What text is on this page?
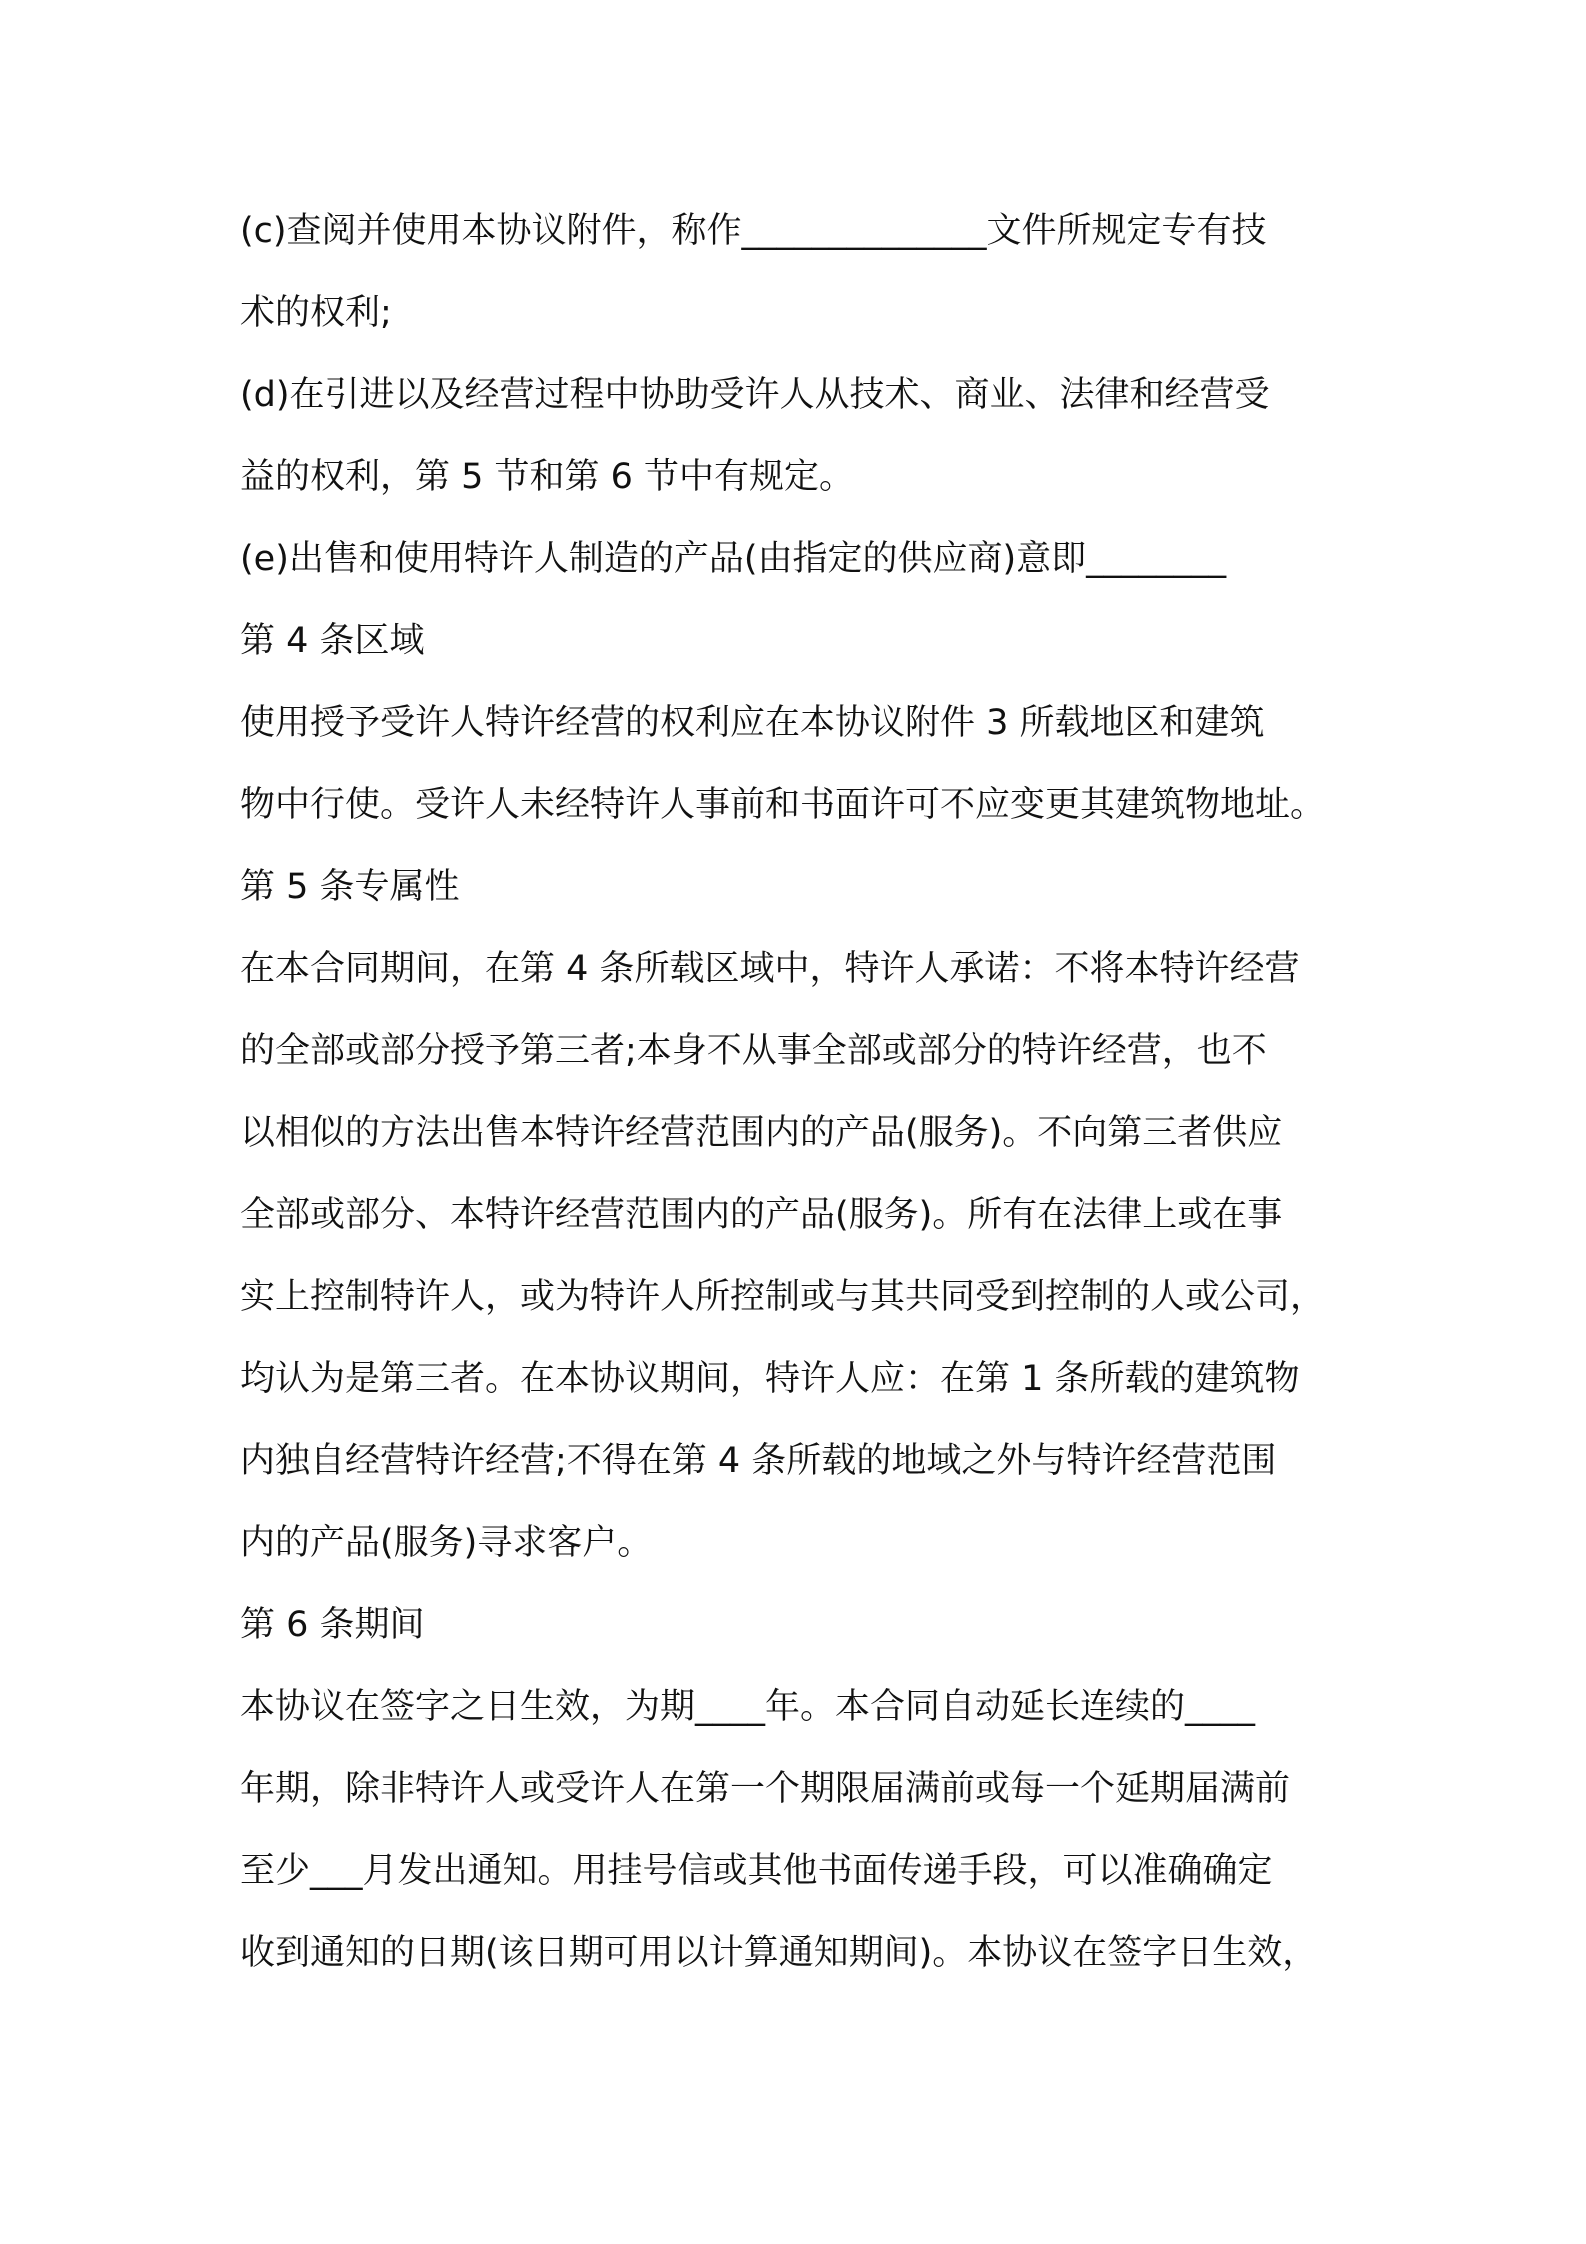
(c)查阅并使用本协议附件，称作______________文件所规定专有技
术的权利;
(d)在引进以及经营过程中协助受许人从技术、商业、法律和经营受
益的权利，第 5 节和第 6 节中有规定。
(e)出售和使用特许人制造的产品(由指定的供应商)意即________
第 4 条区域
使用授予受许人特许经营的权利应在本协议附件 3 所载地区和建筑
物中行使。受许人未经特许人事前和书面许可不应变更其建筑物地址。
第 5 条专属性
在本合同期间，在第 4 条所载区域中，特许人承诺：不将本特许经营
的全部或部分授予第三者;本身不从事全部或部分的特许经营，也不
以相似的方法出售本特许经营范围内的产品(服务)。不向第三者供应
全部或部分、本特许经营范围内的产品(服务)。所有在法律上或在事
实上控制特许人，或为特许人所控制或与其共同受到控制的人或公司，
均认为是第三者。在本协议期间，特许人应：在第 1 条所载的建筑物
内独自经营特许经营;不得在第 4 条所载的地域之外与特许经营范围
内的产品(服务)寻求客户。
第 6 条期间
本协议在签字之日生效，为期____年。本合同自动延长连续的____
年期，除非特许人或受许人在第一个期限届满前或每一个延期届满前
至少___月发出通知。用挂号信或其他书面传递手段，可以准确确定
收到通知的日期(该日期可用以计算通知期间)。本协议在签字日生效，
